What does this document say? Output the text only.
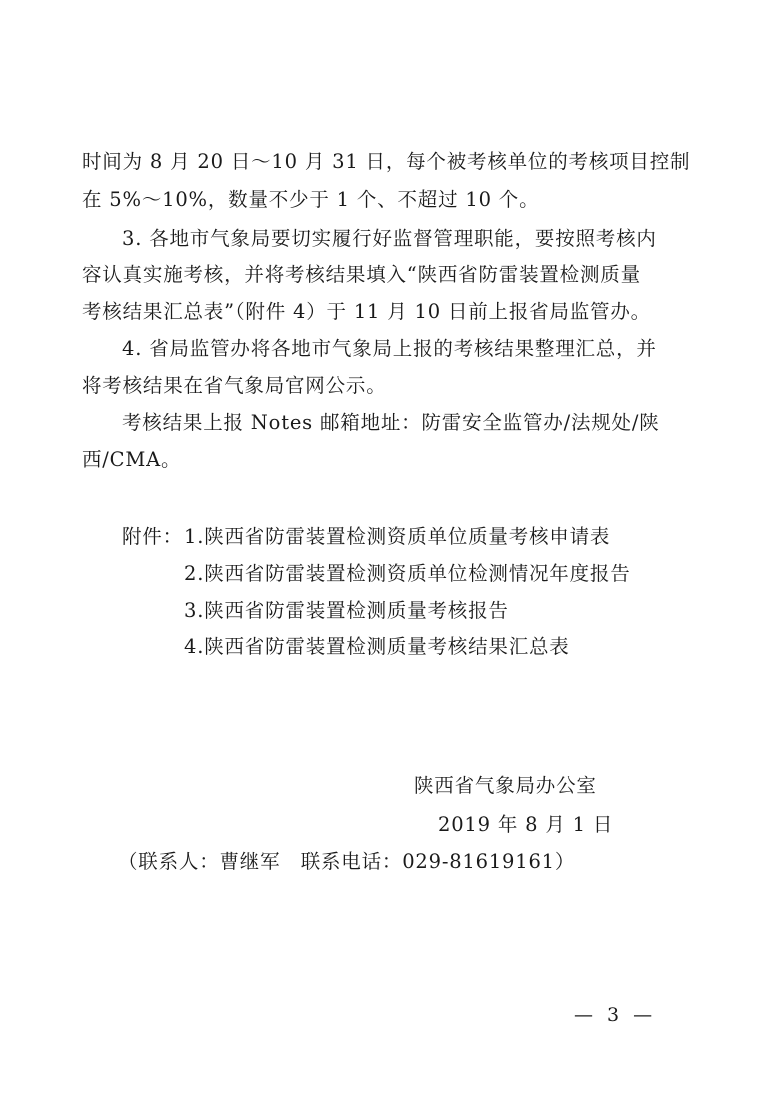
时间为 8 月 20 日～10 月 31 日，每个被考核单位的考核项目控制
在 5%～10%，数量不少于 1 个、不超过 10 个。
3. 各地市气象局要切实履行好监督管理职能，要按照考核内
容认真实施考核，并将考核结果填入“陕西省防雷装置检测质量
考核结果汇总表”（附件 4）于 11 月 10 日前上报省局监管办。
4. 省局监管办将各地市气象局上报的考核结果整理汇总，并
将考核结果在省气象局官网公示。
考核结果上报 Notes 邮箱地址：防雷安全监管办/法规处/陕
西/CMA。
附件： 1.陕西省防雷装置检测资质单位质量考核申请表
2.陕西省防雷装置检测资质单位检测情况年度报告
3.陕西省防雷装置检测质量考核报告
4.陕西省防雷装置检测质量考核结果汇总表
陕西省气象局办公室
2019 年 8 月 1 日
（联系人：曹继军　联系电话：029-81619161）
— 3 —
